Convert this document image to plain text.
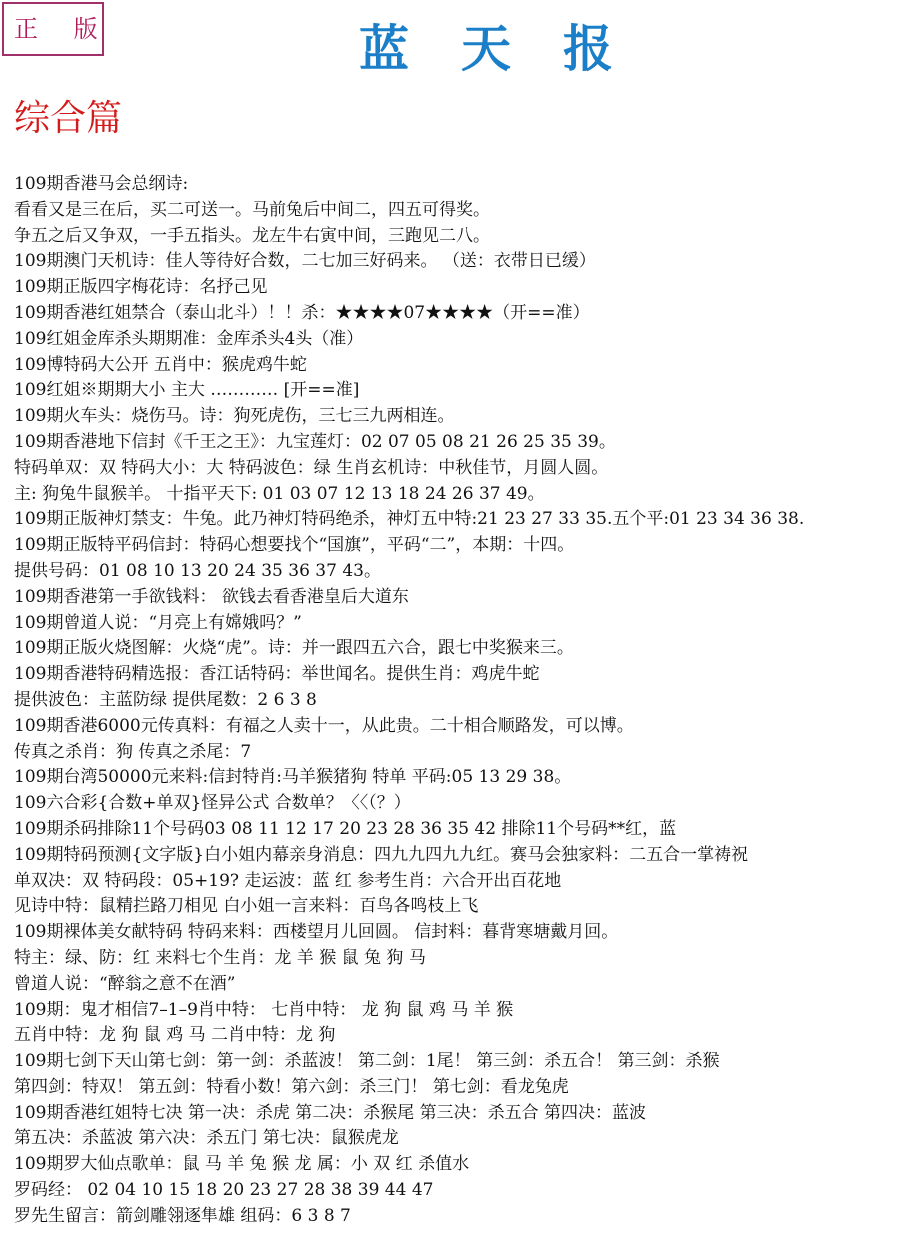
正 版	蓝天报
综合篇
109期香港马会总纲诗:
看看又是三在后，买二可送一。马前兔后中间二，四五可得奖。
争五之后又争双，一手五指头。龙左牛右寅中间，三跑见二八。
109期澳门天机诗：佳人等待好合数，二七加三好码来。 （送：衣带日已缓）
109期正版四字梅花诗：名抒己见
109期香港红姐禁合（泰山北斗）！！杀：★★★★07★★★★（开==准）
109红姐金库杀头期期准：金库杀头4头（准）
109博特码大公开 五肖中：猴虎鸡牛蛇
109红姐※期期大小 主大 ………… [开==准]
109期火车头：烧伤马。诗：狗死虎伤，三七三九两相连。
109期香港地下信封《千王之王》：九宝莲灯：02 07 05 08 21 26 25 35 39。
特码单双：双 特码大小：大 特码波色：绿 生肖玄机诗：中秋佳节，月圆人圆。
主: 狗兔牛鼠猴羊。 十指平天下: 01 03 07 12 13 18 24 26 37 49。
109期正版神灯禁支：牛兔。此乃神灯特码绝杀，神灯五中特:21 23 27 33 35.五个平:01 23 34 36 38.
109期正版特平码信封：特码心想要找个“国旗”，平码“二”，本期：十四。
提供号码：01 08 10 13 20 24 35 36 37 43。
109期香港第一手欲钱料： 欲钱去看香港皇后大道东
109期曾道人说：“月亮上有嫦娥吗？”
109期正版火烧图解：火烧“虎”。诗：并一跟四五六合，跟七中奖猴来三。
109期香港特码精选报：香江话特码：举世闻名。提供生肖：鸡虎牛蛇
提供波色：主蓝防绿 提供尾数：2 6 3 8
109期香港6000元传真料：有福之人卖十一，从此贵。二十相合顺路发，可以博。
传真之杀肖：狗 传真之杀尾：7
109期台湾50000元来料:信封特肖:马羊猴猪狗 特单 平码:05 13 29 38。
109六合彩{合数+单双}怪异公式 合数单？〈〈（？）
109期杀码排除11个号码03 08 11 12 17 20 23 28 36 35 42 排除11个号码**红，蓝
109期特码预测{文字版}白小姐内幕亲身消息：四九九四九九红。赛马会独家料：二五合一掌祷祝
单双决：双 特码段：05+19? 走运波：蓝 红 参考生肖：六合开出百花地
见诗中特：鼠精拦路刀相见 白小姐一言来料：百鸟各鸣枝上飞
109期裸体美女献特码 特码来料：西楼望月儿回圆。 信封料：暮背寒塘戴月回。
特主：绿、防：红 来料七个生肖：龙 羊 猴 鼠 兔 狗 马
曾道人说：“醉翁之意不在酒”
109期：鬼才相信7–1–9肖中特： 七肖中特： 龙 狗 鼠 鸡 马 羊 猴
五肖中特：龙 狗 鼠 鸡 马 二肖中特：龙 狗
109期七剑下天山第七剑：第一剑：杀蓝波！ 第二剑：1尾！ 第三剑：杀五合！ 第三剑：杀猴
第四剑：特双！ 第五剑：特看小数！第六剑：杀三门！ 第七剑：看龙兔虎
109期香港红姐特七决 第一决：杀虎 第二决：杀猴尾 第三决：杀五合 第四决：蓝波
第五决：杀蓝波 第六决：杀五门 第七决：鼠猴虎龙
109期罗大仙点歌单：鼠 马 羊 兔 猴 龙 属：小 双 红 杀值水
罗码经： 02 04 10 15 18 20 23 27 28 38 39 44 47
罗先生留言：箭剑雕翎逐隼雄 组码：6 3 8 7
